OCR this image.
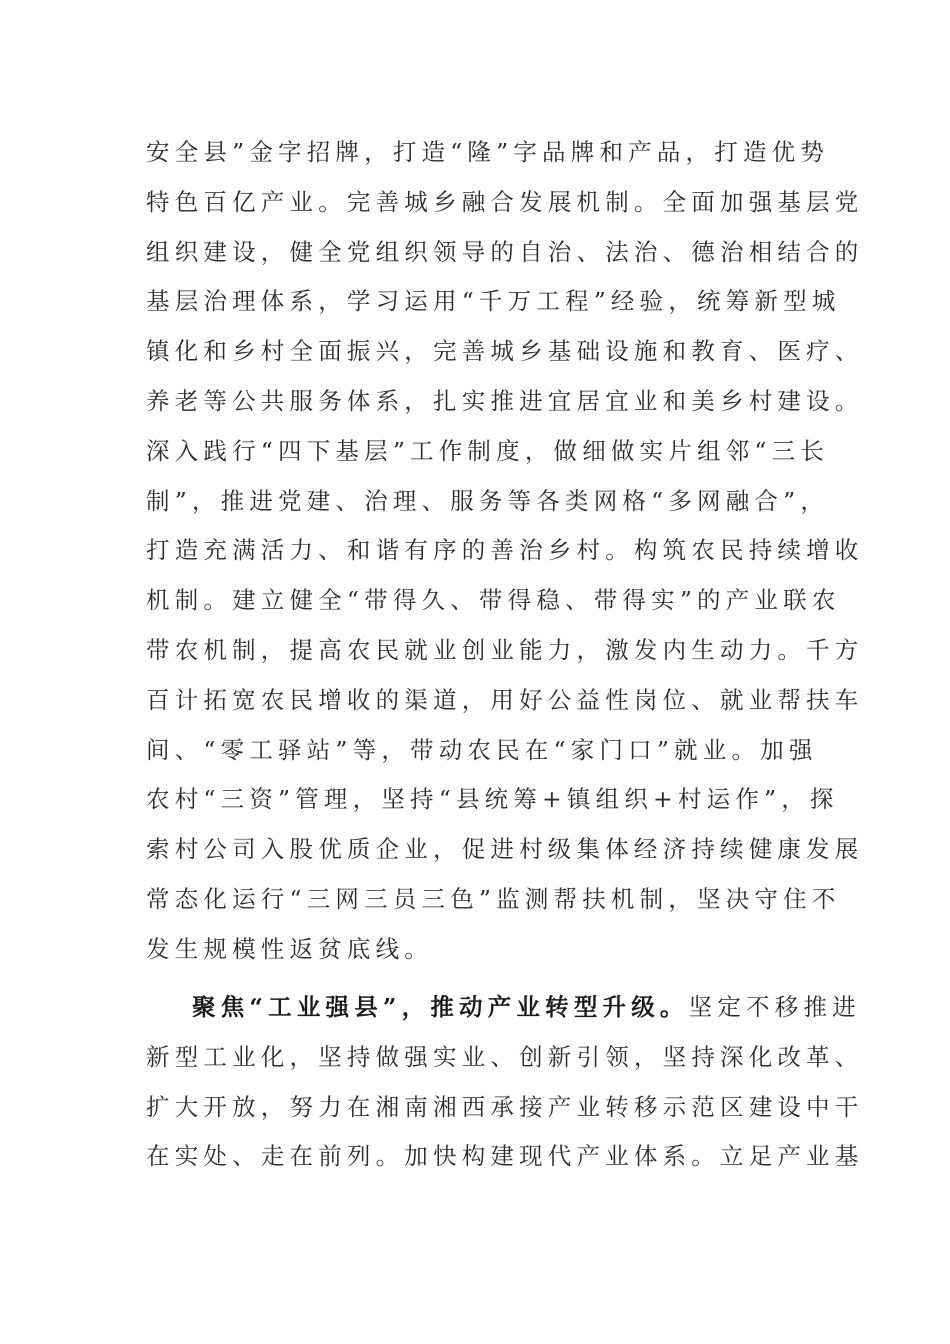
安全县”金字招牌，打造“隆”字品牌和产品，打造优势
特色百亿产业。完善城乡融合发展机制。全面加强基层党
组织建设，健全党组织领导的自治、法治、德治相结合的
基层治理体系，学习运用“千万工程”经验，统筹新型城
镇化和乡村全面振兴，完善城乡基础设施和教育、医疗、
养老等公共服务体系，扎实推进宜居宜业和美乡村建设。
深入践行“四下基层”工作制度，做细做实片组邻“三长
制”，推进党建、治理、服务等各类网格“多网融合”，
打造充满活力、和谐有序的善治乡村。构筑农民持续增收
机制。建立健全“带得久、带得稳、带得实”的产业联农
带农机制，提高农民就业创业能力，激发内生动力。千方
百计拓宽农民增收的渠道，用好公益性岗位、就业帮扶车
间、“零工驿站”等，带动农民在“家门口”就业。加强
农村“三资”管理，坚持“县统筹+镇组织+村运作”，探
索村公司入股优质企业，促进村级集体经济持续健康发展
常态化运行“三网三员三色”监测帮扶机制，坚决守住不
发生规模性返贫底线。
聚焦“工业强县”，推动产业转型升级。坚定不移推进
新型工业化，坚持做强实业、创新引领，坚持深化改革、
扩大开放，努力在湘南湘西承接产业转移示范区建设中干
在实处、走在前列。加快构建现代产业体系。立足产业基
